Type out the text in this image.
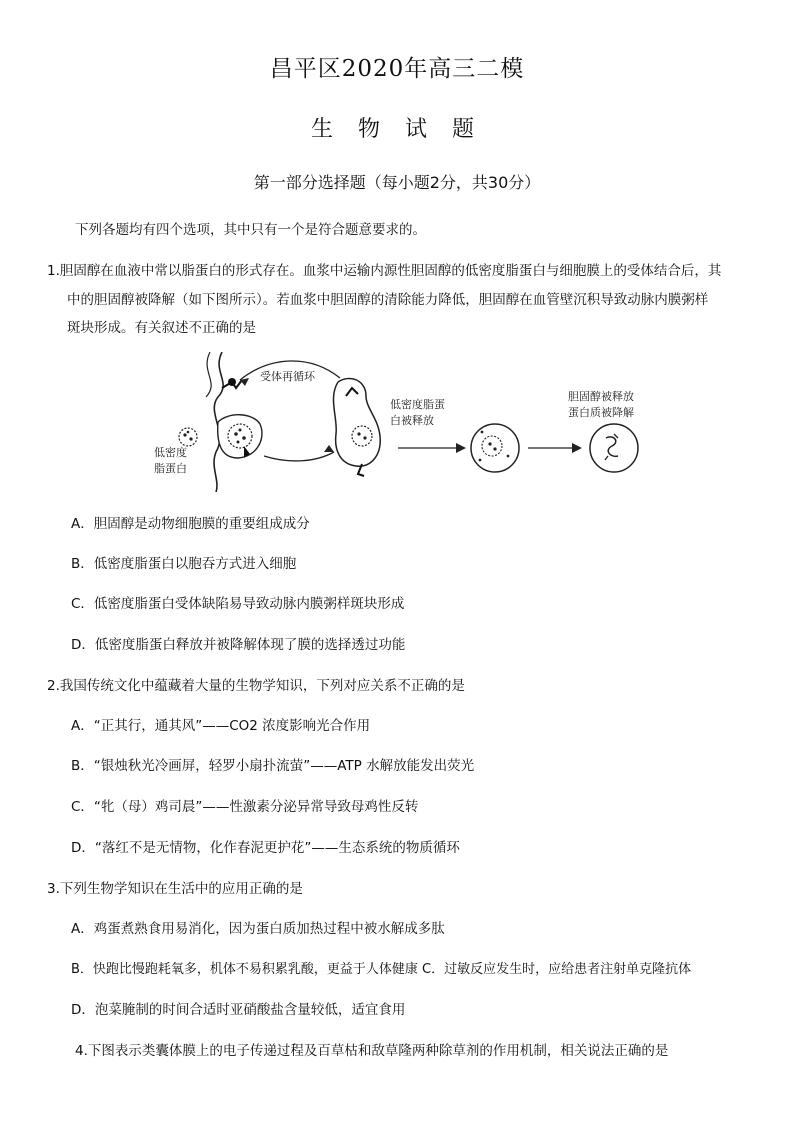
昌平区2020年高三二模
生 物 试 题
第一部分选择题（每小题2分，共30分）
下列各题均有四个选项，其中只有一个是符合题意要求的。
1.胆固醇在血液中常以脂蛋白的形式存在。血浆中运输内源性胆固醇的低密度脂蛋白与细胞膜上的受体结合后，其
中的胆固醇被降解（如下图所示）。若血浆中胆固醇的清除能力降低，胆固醇在血管壁沉积导致动脉内膜粥样
斑块形成。有关叙述不正确的是
受体再循环
低密度
脂蛋白
低密度脂蛋
白被释放
胆固醇被释放
蛋白质被降解
A．胆固醇是动物细胞膜的重要组成成分
B．低密度脂蛋白以胞吞方式进入细胞
C．低密度脂蛋白受体缺陷易导致动脉内膜粥样斑块形成
D．低密度脂蛋白释放并被降解体现了膜的选择透过功能
2.我国传统文化中蕴藏着大量的生物学知识，下列对应关系不正确的是
A．“正其行，通其风”——CO2 浓度影响光合作用
B．“银烛秋光冷画屏，轻罗小扇扑流萤”——ATP 水解放能发出荧光
C．“牝（母）鸡司晨”——性激素分泌异常导致母鸡性反转
D．“落红不是无情物，化作春泥更护花”——生态系统的物质循环
3.下列生物学知识在生活中的应用正确的是
A．鸡蛋煮熟食用易消化，因为蛋白质加热过程中被水解成多肽
B．快跑比慢跑耗氧多，机体不易积累乳酸，更益于人体健康 C．过敏反应发生时，应给患者注射单克隆抗体
D．泡菜腌制的时间合适时亚硝酸盐含量较低，适宜食用
4.下图表示类囊体膜上的电子传递过程及百草枯和敌草隆两种除草剂的作用机制，相关说法正确的是
